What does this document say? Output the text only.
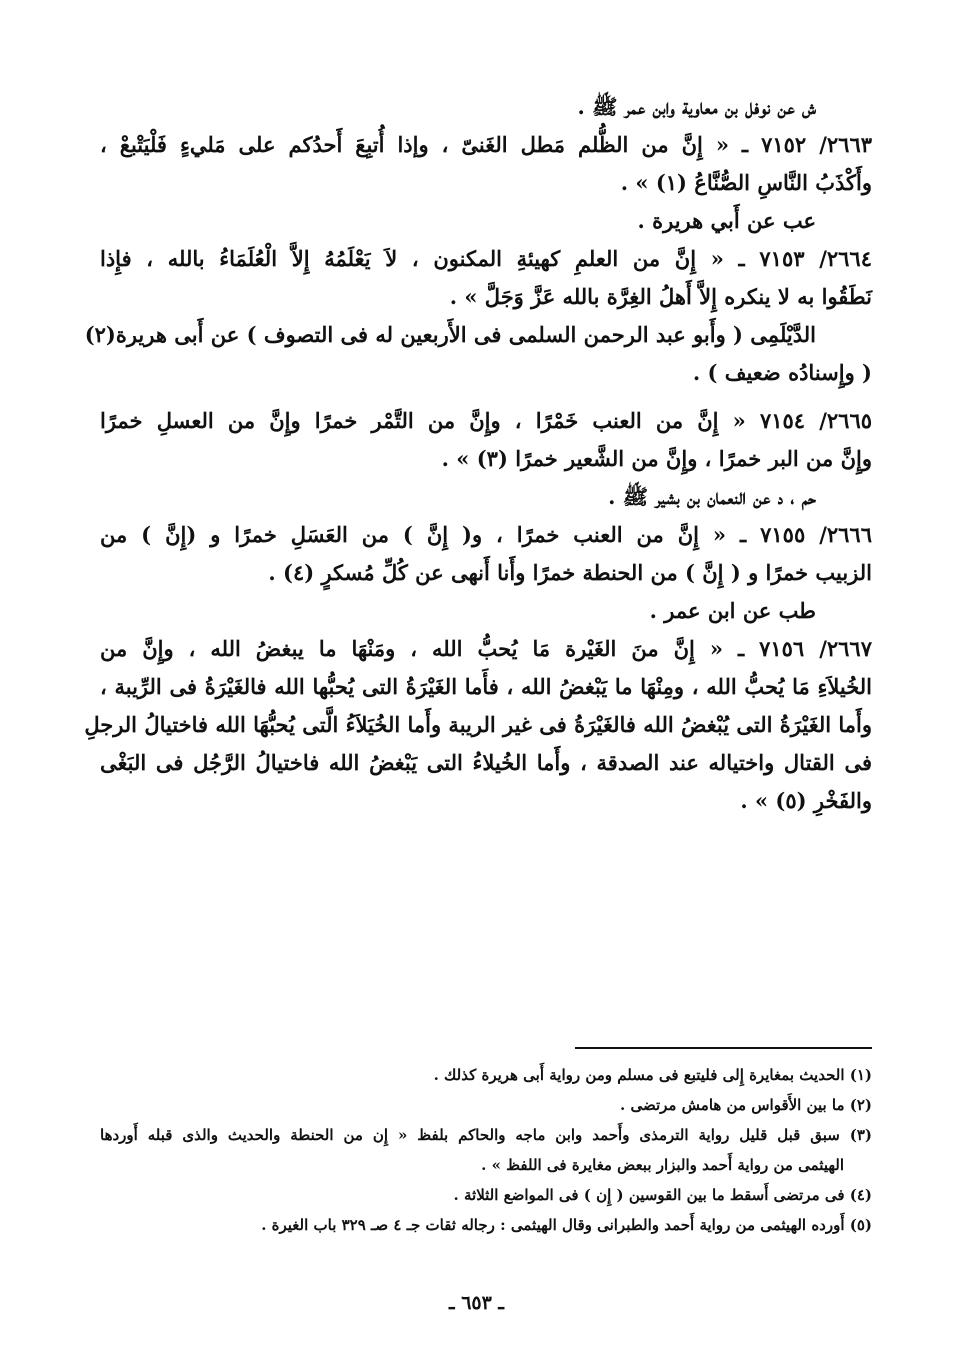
ش عن نوفل بن معاوية وابن عمر ﷺ .
٢٦٦٣/ ٧١٥٢ ـ « إِنَّ من الظُّلم مَطل الغَنىّ ، وإذا أُتبِعَ أَحدُكم على مَليءٍ فَلْيَتْبعْ ،
وأَكْذَبُ النَّاسِ الصُّنَّاعُ (١) » .
عب عن أَبي هريرة .
٢٦٦٤/ ٧١٥٣ ـ « إِنَّ من العلمِ كهيئةِ المكنون ، لاَ يَعْلَمُهُ إِلاَّ الْعُلَمَاءُ بالله ، فإِذا
نَطَقُوا به لا ينكره إِلاَّ أَهلُ الغِرَّة بالله عَزَّ وَجَلَّ » .
الدَّيْلَمِى ( وأَبو عبد الرحمن السلمى فى الأَربعين له فى التصوف ) عن أَبى هريرة(٢)
( وإِسنادُه ضعيف ) .
٢٦٦٥/ ٧١٥٤ « إِنَّ من العنب خَمْرًا ، وإِنَّ من التَّمْر خمرًا وإِنَّ من العسلِ خمرًا
وإِنَّ من البر خمرًا ، وإِنَّ من الشَّعير خمرًا (٣) » .
حم ، د عن النعمان بن بشير ﷺ .
٢٦٦٦/ ٧١٥٥ ـ « إِنَّ من العنب خمرًا ، و( إِنَّ ) من العَسَلِ خمرًا و (إِنَّ ) من
الزبيب خمرًا و ( إِنَّ ) من الحنطة خمرًا وأَنا أَنهى عن كُلِّ مُسكرٍ (٤) .
طب عن ابن عمر .
٢٦٦٧/ ٧١٥٦ ـ « إِنَّ منَ الغَيْرة مَا يُحبُّ الله ، ومَنْهَا ما يبغضُ الله ، وإِنَّ من
الخُيلاَءِ مَا يُحبُّ الله ، ومِنْهَا ما يَبْغضُ الله ، فأَما الغَيْرَةُ التى يُحبُّها الله فالغَيْرَةُ فى الرِّيبة ،
وأَما الغَيْرَةُ التى يُبْغضُ الله فالغَيْرَةُ فى غير الريبة وأَما الخُيَلاَءُ الَّتى يُحبُّهَا الله فاختيالُ الرجلِ
فى القتال واختياله عند الصدقة ، وأَما الخُيلاءُ التى يَبْغضُ الله فاختيالُ الرَّجُل فى البَغْى
والفَخْرِ (٥) » .
(١) الحديث بمغايرة إِلى فليتبع فى مسلم ومن رواية أَبى هريرة كذلك .
(٢) ما بين الأَقواس من هامش مرتضى .
(٣) سبق قبل قليل رواية الترمذى وأَحمد وابن ماجه والحاكم بلفظ « إِن من الحنطة والحديث والذى قبله أَوردها
الهيثمى من رواية أَحمد والبزار ببعض مغايرة فى اللفظ » .
(٤) فى مرتضى أَسقط ما بين القوسين ( إِن ) فى المواضع الثلاثة .
(٥) أَورده الهيثمى من رواية أَحمد والطبرانى وقال الهيثمى : رجاله ثقات جـ ٤ صـ ٣٢٩ باب الغيرة .
ـ ٦٥٣ ـ
